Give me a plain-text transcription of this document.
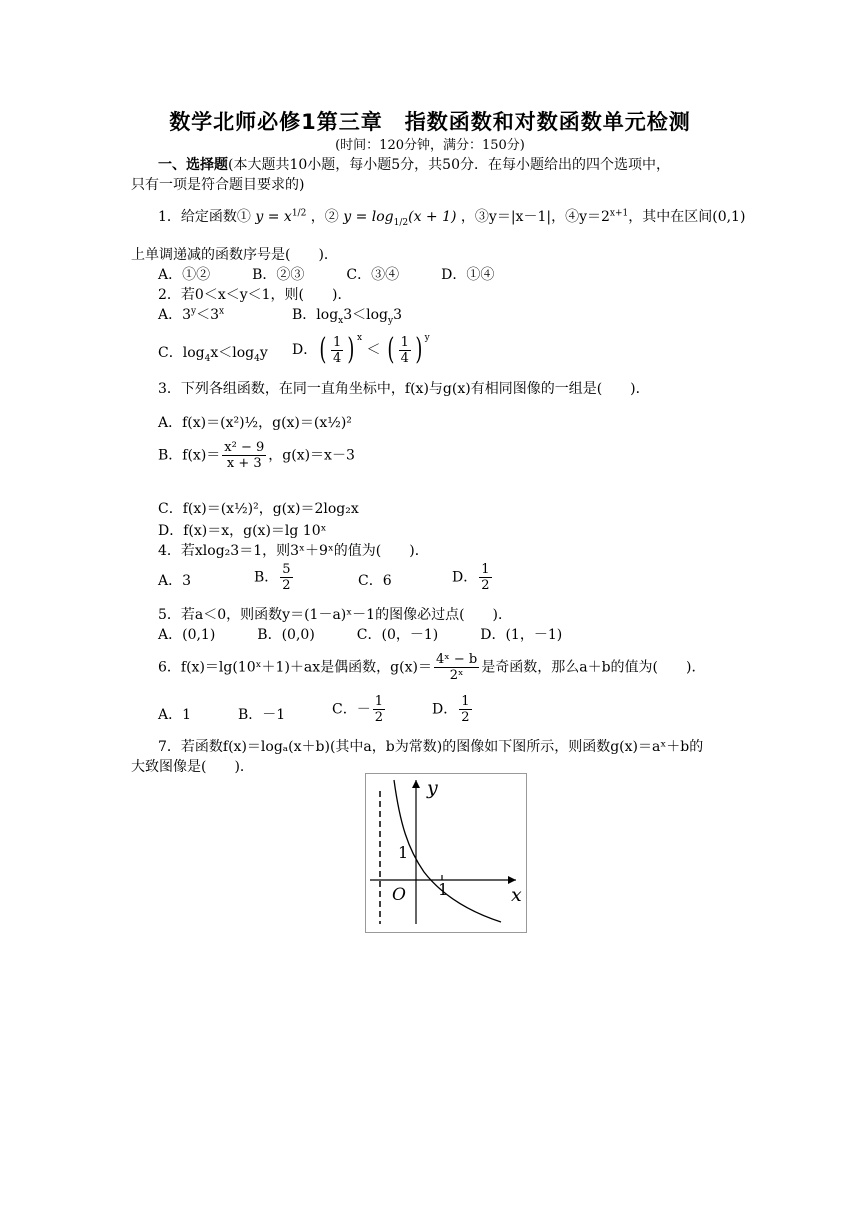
数学北师必修1第三章　指数函数和对数函数单元检测
(时间：120分钟，满分：150分)
一、选择题(本大题共10小题，每小题5分，共50分．在每小题给出的四个选项中，
只有一项是符合题目要求的)
1．给定函数① $y = x^{1/2}$ ，② $y = \log_{1/2}(x + 1)$ ，③y＝|x－1|，$④y=2^{x+1}$，其中在区间(0,1)
上单调递减的函数序号是(　　)．
A．①②　　　B．②③　　　C．③④　　　D．①④
2．若0＜x＜y＜1，则(　　)．
A．$3^y<3^x$	B．$\log_x3<\log_y3$
C．$\log_4x<\log_4y$ D．( $\frac{1}{4}$ ) $^x$ ＜ ( $\frac{1}{4}$ ) $^y$
3．下列各组函数，在同一直角坐标中，f(x)与g(x)有相同图像的一组是(　　)．
A．f(x)＝(x²)½，g(x)＝(x½)²
B．$f(x)= \frac{\text{x² − 9}}{x + 3}$ ，g(x)＝x－3
C．f(x)＝(x½)²，g(x)＝2log₂x
D．f(x)＝x，g(x)＝lg 10ˣ
4．若xlog₂3＝1，则3ˣ＋9ˣ的值为(　　)．
A．3	B． $\frac{5}{2}$	C．6	D． $\frac{1}{2}$
5．若a＜0，则函数y＝(1－a)ˣ－1的图像必过点(　　)．
A．(0,1)　　　B．(0,0)　　　C．(0，－1)　　　D．(1，－1)
6．f(x)＝lg(10ˣ＋1)＋ax是偶函数，$g(x)= \frac{\text{4ˣ − b}}{\text{2ˣ}}$ 是奇函数，那么a＋b的值为(　　)．
A．1	B．－1	C．－ $\frac{1}{2}$	D． $\frac{1}{2}$
7．若函数f(x)＝logₐ(x＋b)(其中a，b为常数)的图像如下图所示，则函数g(x)＝aˣ＋b的
大致图像是(　　)．
y
x
O
1
1
